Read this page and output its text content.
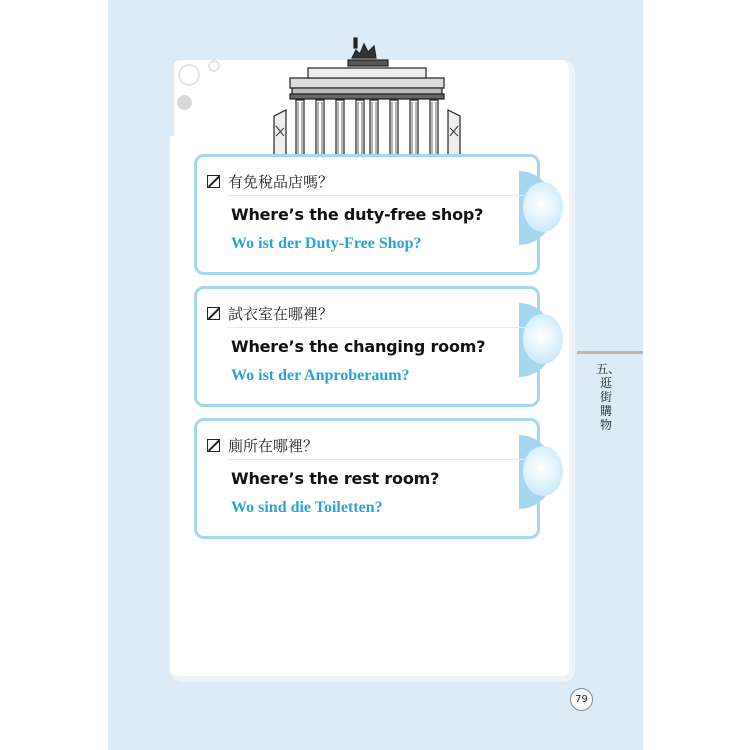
有免稅品店嗎？
Where’s the duty-free shop?
Wo ist der Duty-Free Shop?
試衣室在哪裡？
Where’s the changing room?
Wo ist der Anproberaum?
廁所在哪裡？
Where’s the rest room?
Wo sind die Toiletten?
五、逛街購物
79
